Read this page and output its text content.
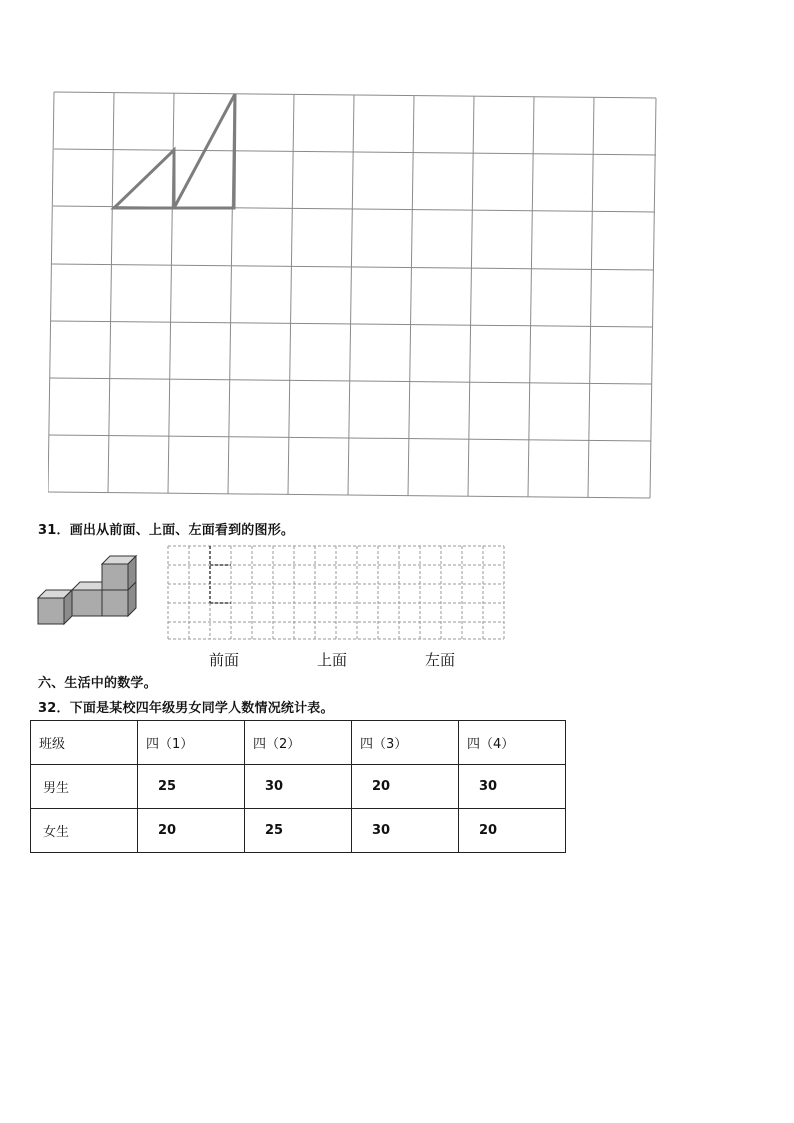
31．画出从前面、上面、左面看到的图形。
前面	上面	左面
六、生活中的数学。
32．下面是某校四年级男女同学人数情况统计表。
班级	四（1）	四（2）	四（3）	四（4）
男生	25	30	20	30
女生	20	25	30	20
